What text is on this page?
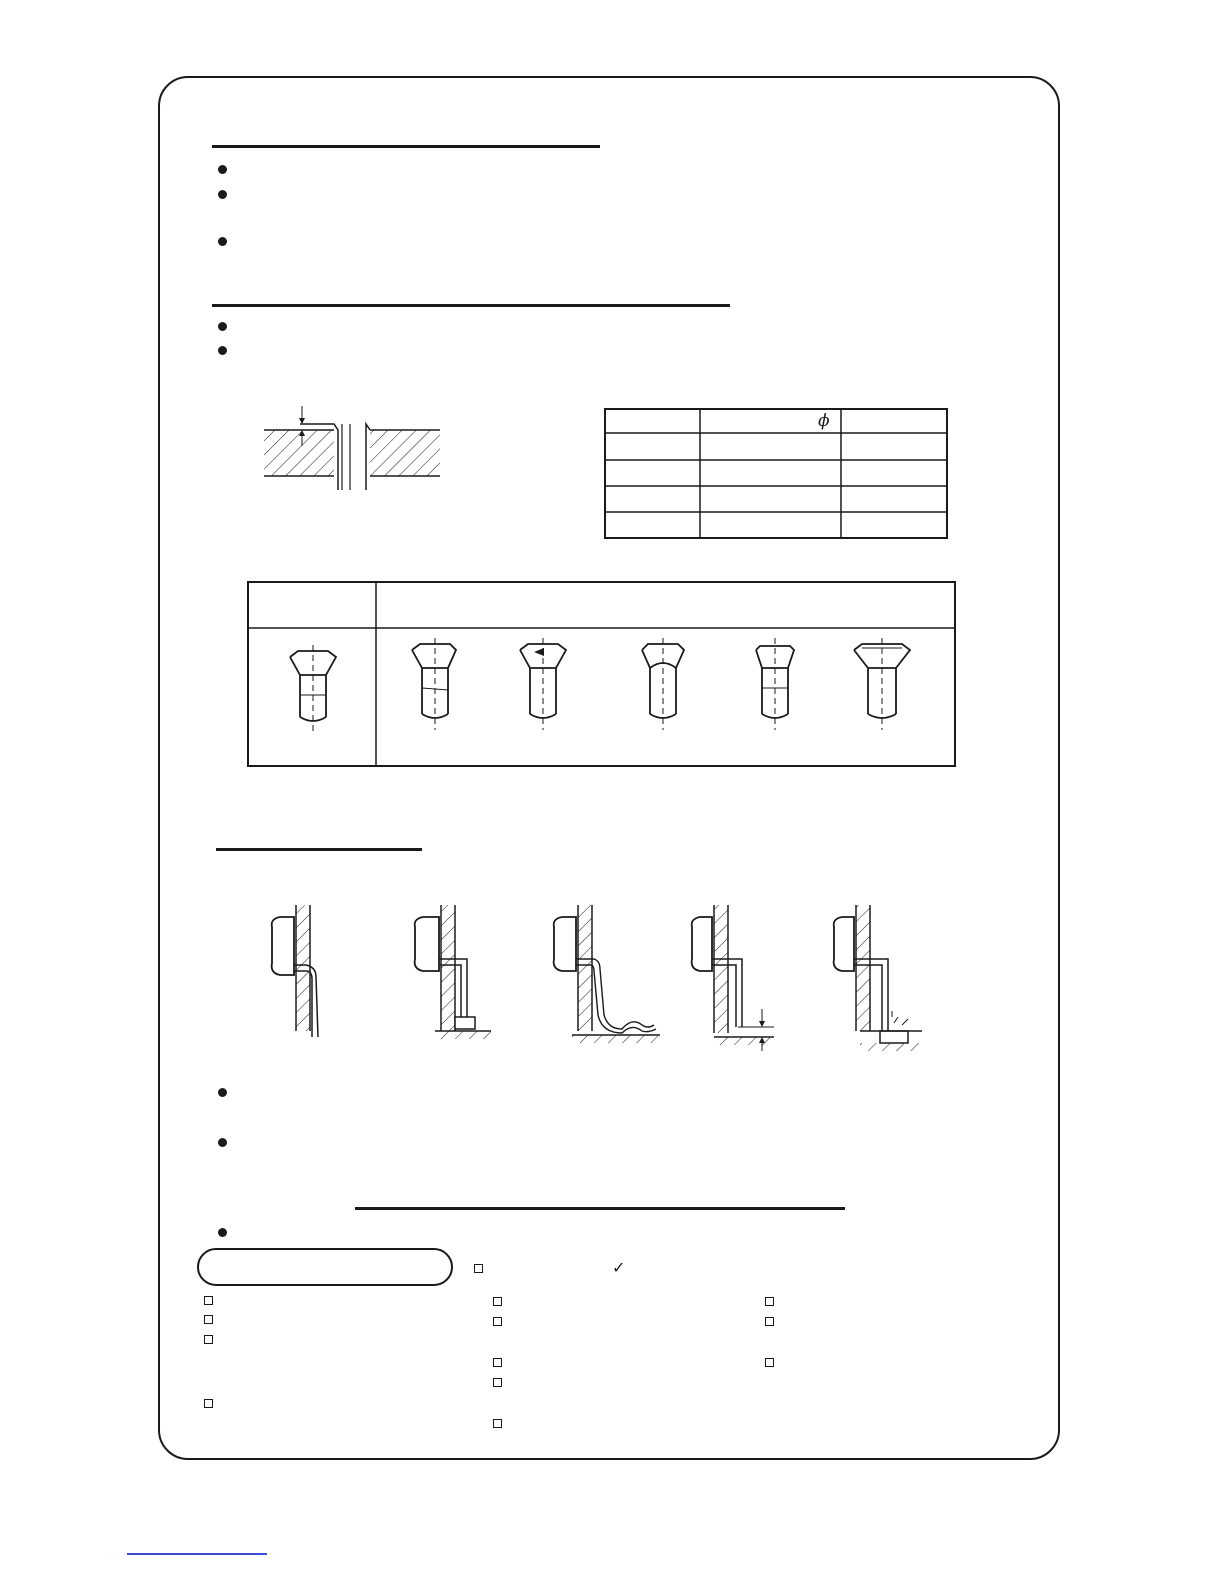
ϕ
✓
